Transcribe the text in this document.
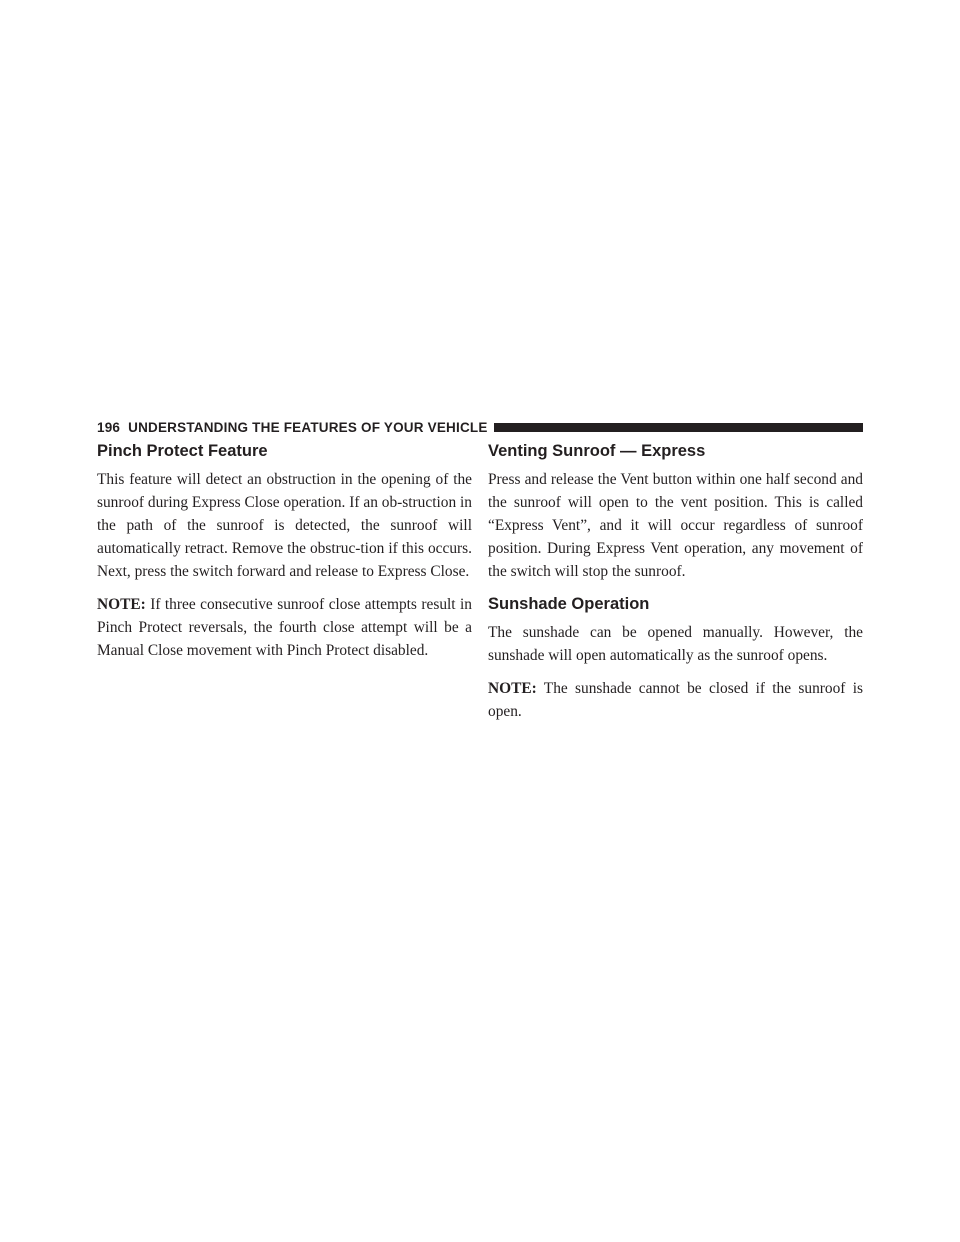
196 UNDERSTANDING THE FEATURES OF YOUR VEHICLE
Pinch Protect Feature

This feature will detect an obstruction in the opening of the sunroof during Express Close operation. If an ob-struction in the path of the sunroof is detected, the sunroof will automatically retract. Remove the obstruc-tion if this occurs. Next, press the switch forward and release to Express Close.

NOTE: If three consecutive sunroof close attempts result in Pinch Protect reversals, the fourth close attempt will be a Manual Close movement with Pinch Protect disabled.

Venting Sunroof — Express

Press and release the Vent button within one half second and the sunroof will open to the vent position. This is called “Express Vent”, and it will occur regardless of sunroof position. During Express Vent operation, any movement of the switch will stop the sunroof.

Sunshade Operation

The sunshade can be opened manually. However, the sunshade will open automatically as the sunroof opens.

NOTE: The sunshade cannot be closed if the sunroof is open.
